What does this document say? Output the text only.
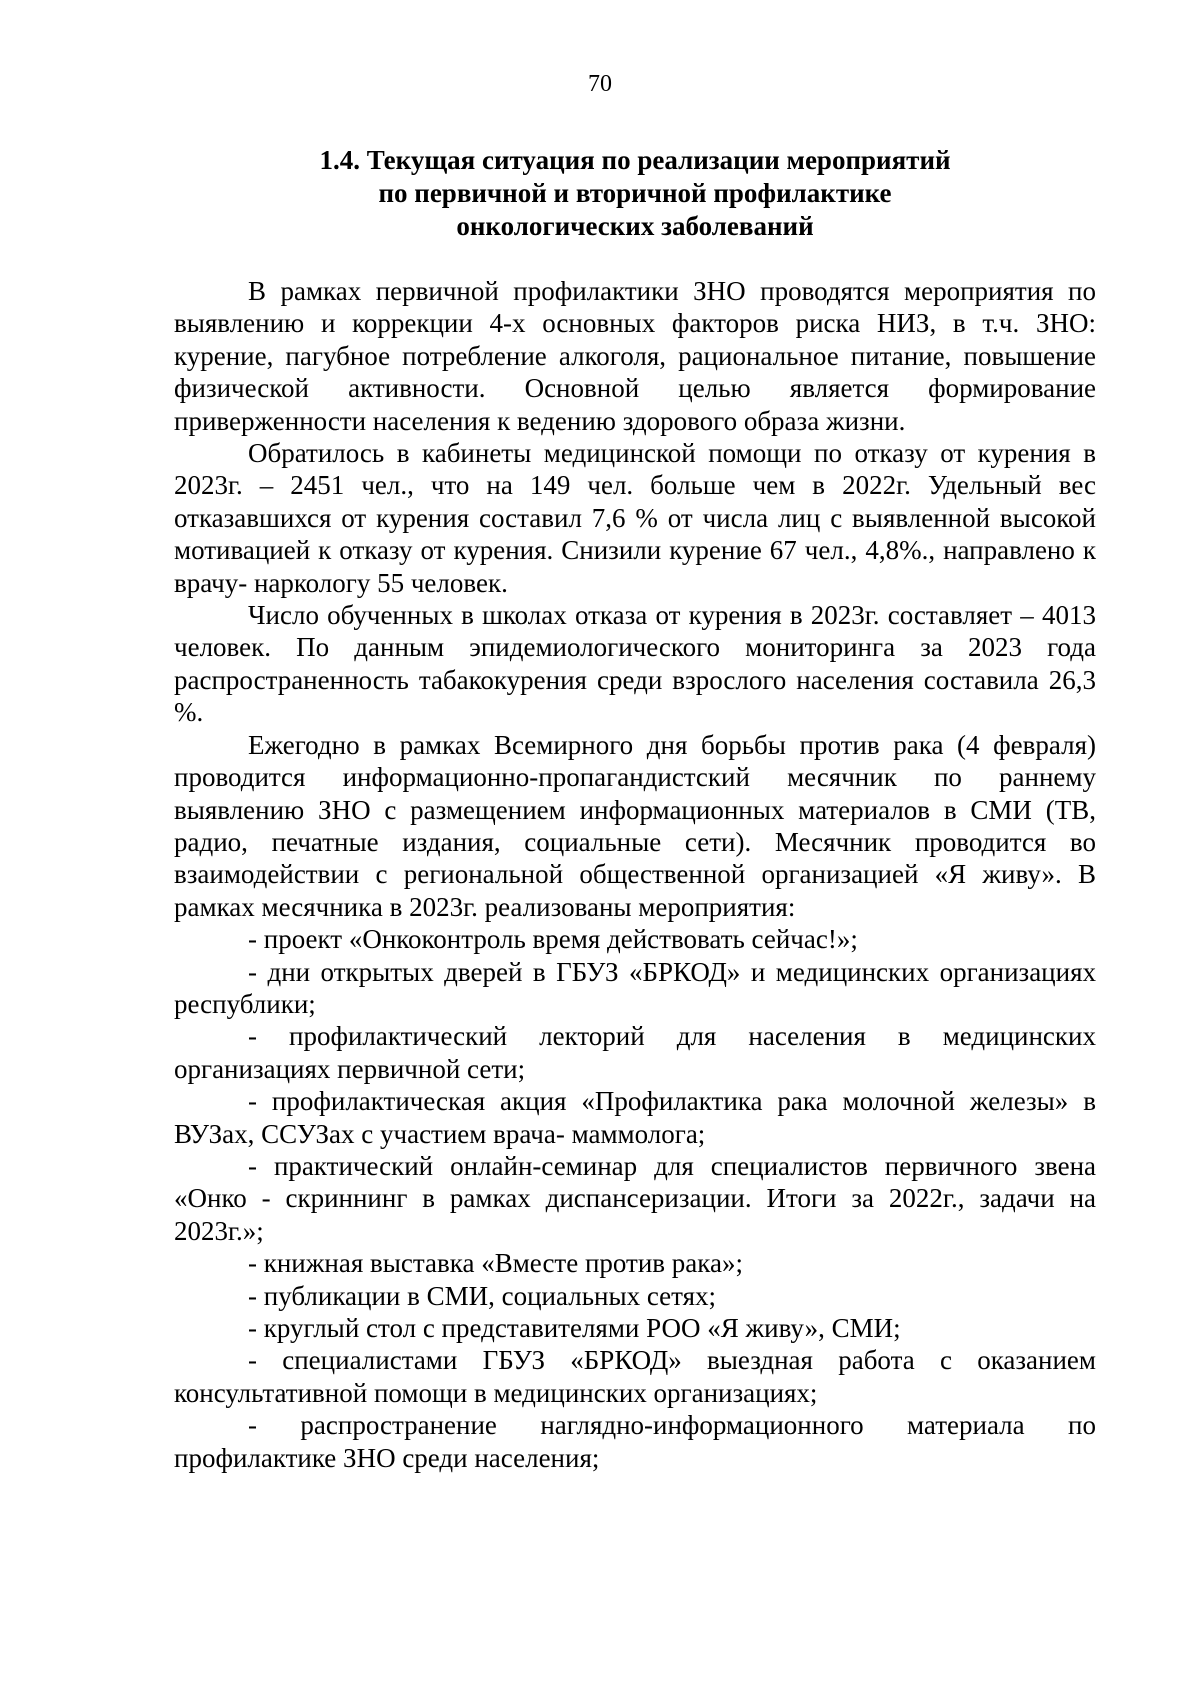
70
1.4. Текущая ситуация по реализации мероприятий
по первичной и вторичной профилактике
онкологических заболеваний

В рамках первичной профилактики ЗНО проводятся мероприятия по выявлению и коррекции 4-х основных факторов риска НИЗ, в т.ч. ЗНО: курение, пагубное потребление алкоголя, рациональное питание, повышение физической активности. Основной целью является формирование приверженности населения к ведению здорового образа жизни.

Обратилось в кабинеты медицинской помощи по отказу от курения в 2023г. – 2451 чел., что на 149 чел. больше чем в 2022г. Удельный вес отказавшихся от курения составил 7,6 % от числа лиц с выявленной высокой мотивацией к отказу от курения. Снизили курение 67 чел., 4,8%., направлено к врачу- наркологу 55 человек.

Число обученных в школах отказа от курения в 2023г. составляет – 4013 человек. По данным эпидемиологического мониторинга за 2023 года распространенность табакокурения среди взрослого населения составила 26,3 %.

Ежегодно в рамках Всемирного дня борьбы против рака (4 февраля) проводится информационно-пропагандистский месячник по раннему выявлению ЗНО с размещением информационных материалов в СМИ (ТВ, радио, печатные издания, социальные сети). Месячник проводится во взаимодействии с региональной общественной организацией «Я живу». В рамках месячника в 2023г. реализованы мероприятия:

- проект «Онкоконтроль время действовать сейчас!»;
- дни открытых дверей в ГБУЗ «БРКОД» и медицинских организациях республики;
- профилактический лекторий для населения в медицинских организациях первичной сети;
- профилактическая акция «Профилактика рака молочной железы» в ВУЗах, ССУЗах с участием врача- маммолога;
- практический онлайн-семинар для специалистов первичного звена «Онко - скриннинг в рамках диспансеризации. Итоги за 2022г., задачи на 2023г.»;
- книжная выставка «Вместе против рака»;
- публикации в СМИ, социальных сетях;
- круглый стол с представителями РОО «Я живу», СМИ;
- специалистами ГБУЗ «БРКОД» выездная работа с оказанием консультативной помощи в медицинских организациях;
- распространение наглядно-информационного материала по профилактике ЗНО среди населения;
